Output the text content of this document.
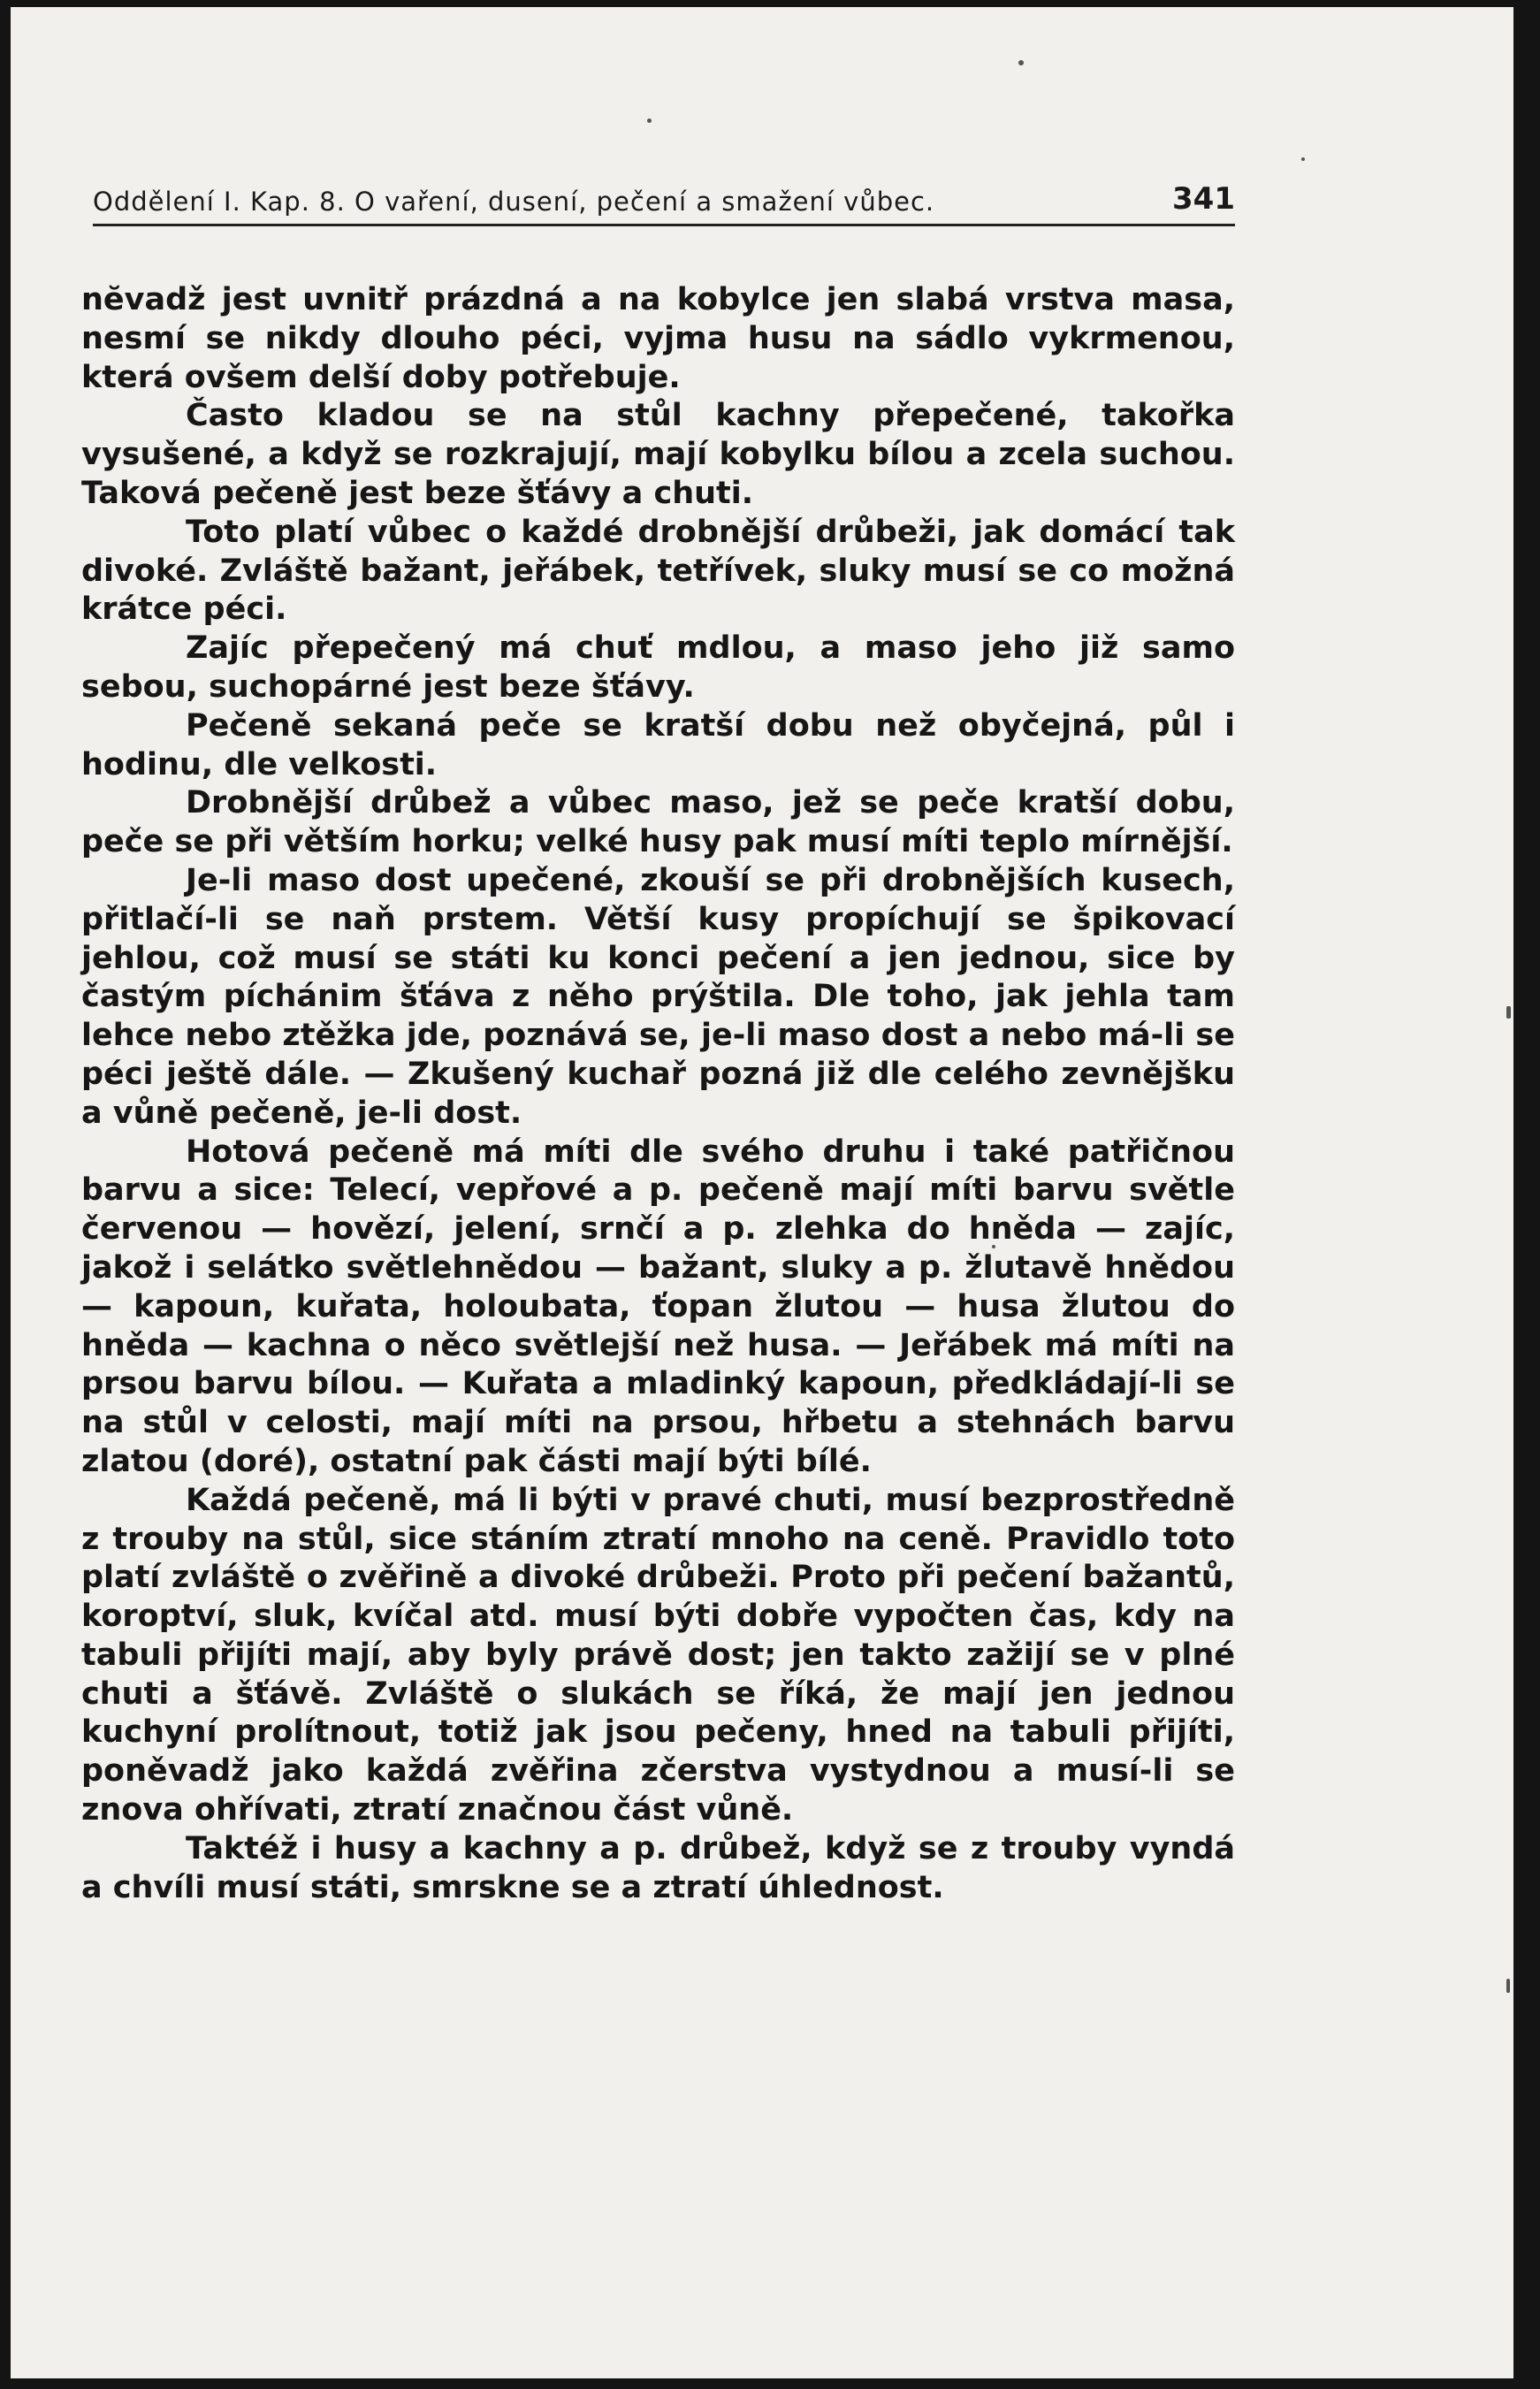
Oddělení I. Kap. 8. O vaření, dusení, pečení a smažení vůbec.	341

nĕvadž jest uvnitř prázdná a na kobylce jen slabá vrstva masa, nesmí se nikdy dlouho péci, vyjma husu na sádlo vykrmenou, která ovšem delší doby potřebuje.

Často kladou se na stůl kachny přepečené, takořka vysušené, a když se rozkrajují, mají kobylku bílou a zcela suchou. Taková pečeně jest beze šťávy a chuti.

Toto platí vůbec o každé drobnější drůbeži, jak domácí tak divoké. Zvláště bažant, jeřábek, tetřívek, sluky musí se co možná krátce péci.

Zajíc přepečený má chuť mdlou, a maso jeho již samo sebou, suchopárné jest beze šťávy.

Pečeně sekaná peče se kratší dobu než obyčejná, půl i hodinu, dle velkosti.

Drobnější drůbež a vůbec maso, jež se peče kratší dobu, peče se při větším horku; velké husy pak musí míti teplo mírnější.

Je-li maso dost upečené, zkouší se při drobnějších kusech, přitlačí-li se naň prstem. Větší kusy propíchují se špikovací jehlou, což musí se státi ku konci pečení a jen jednou, sice by častým píchánim šťáva z něho prýštila. Dle toho, jak jehla tam lehce nebo ztěžka jde, poznává se, je-li maso dost a nebo má-li se péci ještě dále. — Zkušený kuchař pozná již dle celého zevnějšku a vůně pečeně, je-li dost.

Hotová pečeně má míti dle svého druhu i také patřičnou barvu a sice: Telecí, vepřové a p. pečeně mají míti barvu světle červenou — hovězí, jelení, srnčí a p. zlehka do hněda — zajíc, jakož i selátko světlehnědou — bažant, sluky a p. žlutavě hnědou — kapoun, kuřata, holoubata, ťopan žlutou — husa žlutou do hněda — kachna o něco světlejší než husa. — Jeřábek má míti na prsou barvu bílou. — Kuřata a mladinký kapoun, předkládají-li se na stůl v celosti, mají míti na prsou, hřbetu a stehnách barvu zlatou (doré), ostatní pak části mají býti bílé.

Každá pečeně, má li býti v pravé chuti, musí bezprostředně z trouby na stůl, sice stáním ztratí mnoho na ceně. Pravidlo toto platí zvláště o zvěřině a divoké drůbeži. Proto při pečení bažantů, koroptví, sluk, kvíčal atd. musí býti dobře vypočten čas, kdy na tabuli přijíti mají, aby byly právě dost; jen takto zažijí se v plné chuti a šťávě. Zvláště o slukách se říká, že mají jen jednou kuchyní prolítnout, totiž jak jsou pečeny, hned na tabuli přijíti, poněvadž jako každá zvěřina zčerstva vystydnou a musí-li se znova ohřívati, ztratí značnou část vůně.

Taktéž i husy a kachny a p. drůbež, když se z trouby vyndá a chvíli musí státi, smrskne se a ztratí úhlednost.
